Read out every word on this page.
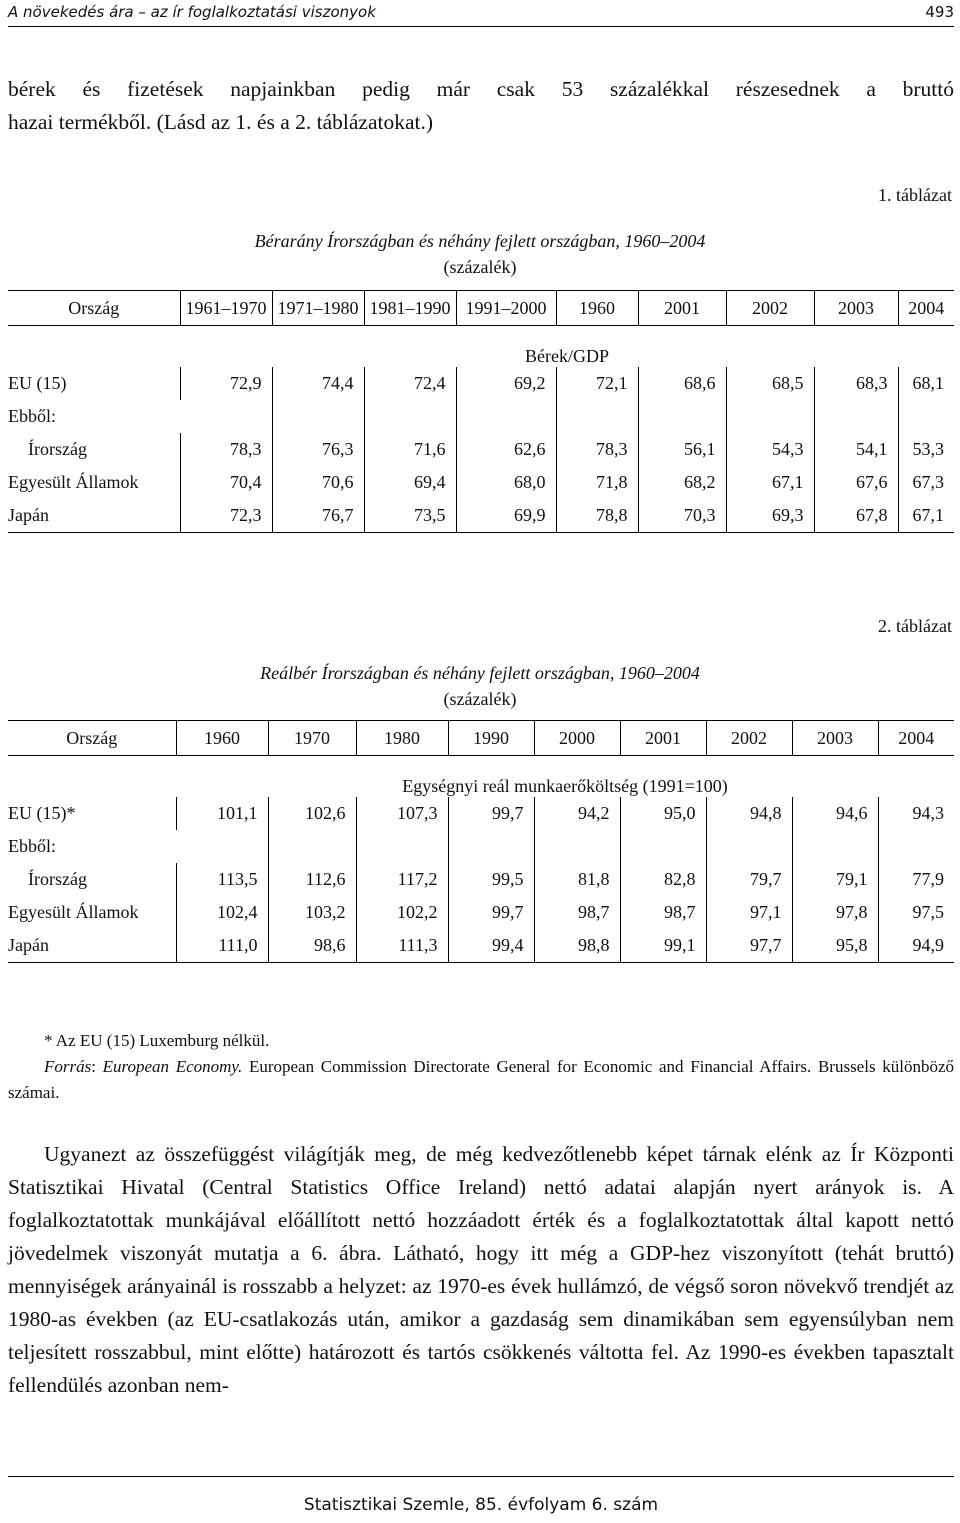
A növekedés ára – az ír foglalkoztatási viszonyok	493

bérek és fizetések napjainkban pedig már csak 53 százalékkal részesednek a bruttó

hazai termékből. (Lásd az 1. és a 2. táblázatokat.)

1. táblázat
Bérarány Írországban és néhány fejlett országban, 1960–2004
(százalék)
Ország	1961–1970	1971–1980	1981–1990	1991–2000	1960	2001	2002	2003	2004

	Bérek/GDP								
EU (15)	72,9	74,4	72,4	69,2	72,1	68,6	68,5	68,3	68,1
Ebből:									
Írország	78,3	76,3	71,6	62,6	78,3	56,1	54,3	54,1	53,3
Egyesült Államok	70,4	70,6	69,4	68,0	71,8	68,2	67,1	67,6	67,3
Japán	72,3	76,7	73,5	69,9	78,8	70,3	69,3	67,8	67,1
2. táblázat
Reálbér Írországban és néhány fejlett országban, 1960–2004
(százalék)
Ország	1960	1970	1980	1990	2000	2001	2002	2003	2004

	Egységnyi reál munkaerőköltség (1991=100)								
EU (15)*	101,1	102,6	107,3	99,7	94,2	95,0	94,8	94,6	94,3
Ebből:									
Írország	113,5	112,6	117,2	99,5	81,8	82,8	79,7	79,1	77,9
Egyesült Államok	102,4	103,2	102,2	99,7	98,7	98,7	97,1	97,8	97,5
Japán	111,0	98,6	111,3	99,4	98,8	99,1	97,7	95,8	94,9
* Az EU (15) Luxemburg nélkül.
Forrás: European Economy. European Commission Directorate General for Economic and Financial Affairs. Brussels különböző számai.

Ugyanezt az összefüggést világítják meg, de még kedvezőtlenebb képet tárnak elénk az Ír Központi Statisztikai Hivatal (Central Statistics Office Ireland) nettó adatai alapján nyert arányok is. A foglalkoztatottak munkájával előállított nettó hozzáadott érték és a foglalkoztatottak által kapott nettó jövedelmek viszonyát mutatja a 6. ábra. Látható, hogy itt még a GDP-hez viszonyított (tehát bruttó) mennyiségek arányainál is rosszabb a helyzet: az 1970-es évek hullámzó, de végső soron növekvő trendjét az 1980-as években (az EU-csatlakozás után, amikor a gazdaság sem dinamikában sem egyensúlyban nem teljesített rosszabbul, mint előtte) határozott és tartós csökkenés váltotta fel. Az 1990-es években tapasztalt fellendülés azonban nem-

Statisztikai Szemle, 85. évfolyam 6. szám
